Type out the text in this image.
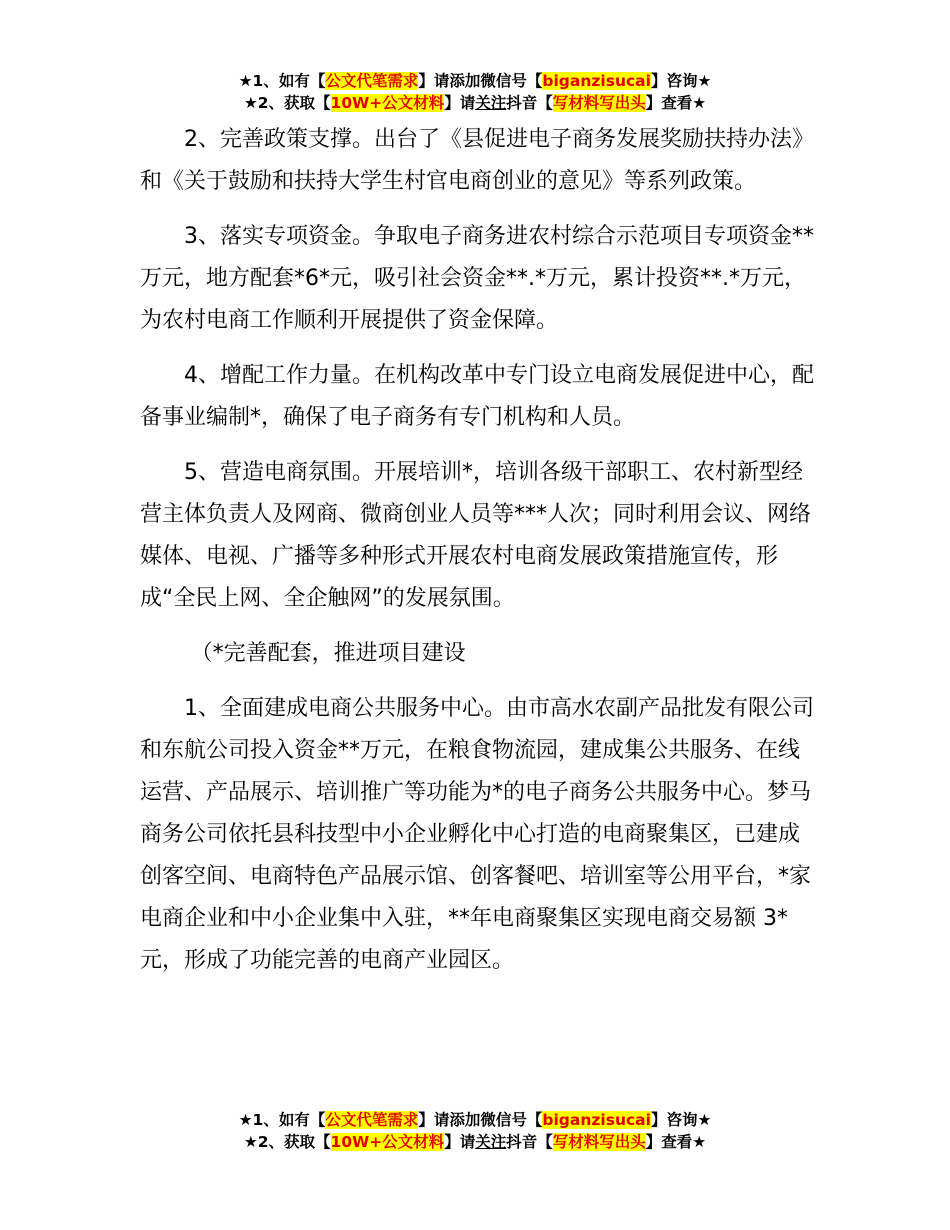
★1、如有【公文代笔需求】请添加微信号【biganzisucai】咨询★
★2、获取【10W+公文材料】请关注抖音【写材料写出头】查看★

2、完善政策支撑。出台了《县促进电子商务发展奖励扶持办法》和《关于鼓励和扶持大学生村官电商创业的意见》等系列政策。

3、落实专项资金。争取电子商务进农村综合示范项目专项资金**万元，地方配套*6*元，吸引社会资金**.*万元，累计投资**.*万元，为农村电商工作顺利开展提供了资金保障。

4、增配工作力量。在机构改革中专门设立电商发展促进中心，配备事业编制*，确保了电子商务有专门机构和人员。

5、营造电商氛围。开展培训*，培训各级干部职工、农村新型经营主体负责人及网商、微商创业人员等***人次；同时利用会议、网络媒体、电视、广播等多种形式开展农村电商发展政策措施宣传，形成“全民上网、全企触网”的发展氛围。

（*完善配套，推进项目建设

1、全面建成电商公共服务中心。由市高水农副产品批发有限公司和东航公司投入资金**万元，在粮食物流园，建成集公共服务、在线运营、产品展示、培训推广等功能为*的电子商务公共服务中心。梦马商务公司依托县科技型中小企业孵化中心打造的电商聚集区，已建成创客空间、电商特色产品展示馆、创客餐吧、培训室等公用平台，*家电商企业和中小企业集中入驻，**年电商聚集区实现电商交易额 3*元，形成了功能完善的电商产业园区。

★1、如有【公文代笔需求】请添加微信号【biganzisucai】咨询★
★2、获取【10W+公文材料】请关注抖音【写材料写出头】查看★
